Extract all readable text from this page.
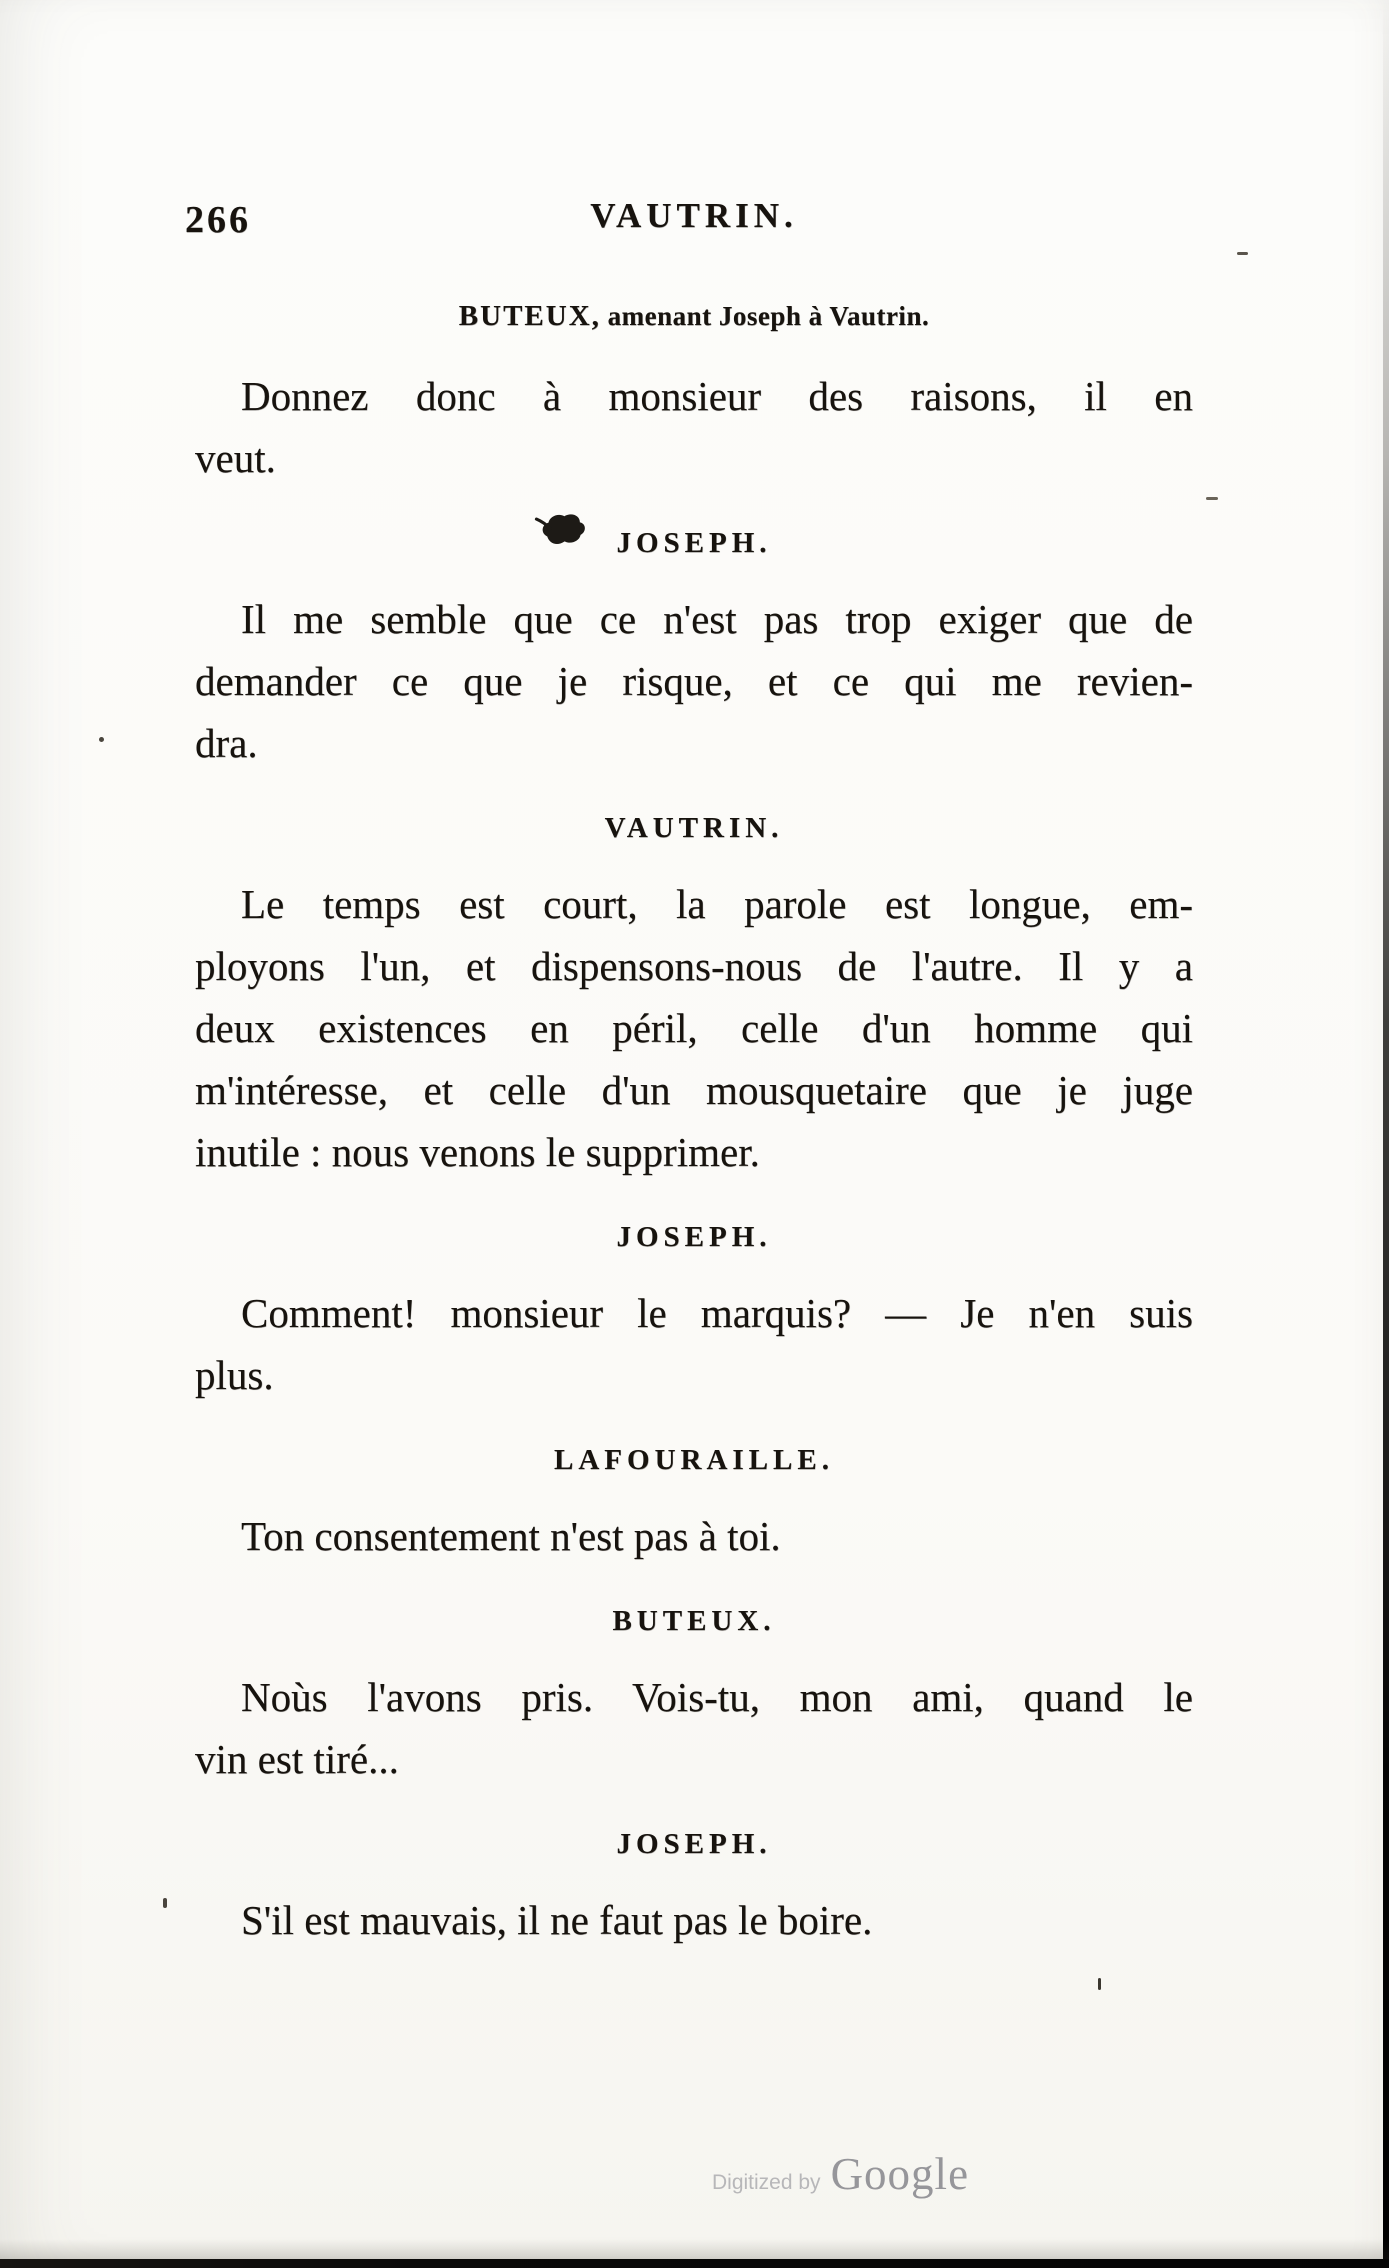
266	VAUTRIN.
BUTEUX, amenant Joseph à Vautrin.
Donnez donc à monsieur des raisons, il en
veut.
JOSEPH.
Il me semble que ce n'est pas trop exiger que de
demander ce que je risque, et ce qui me revien-
dra.
VAUTRIN.
Le temps est court, la parole est longue, em-
ployons l'un, et dispensons-nous de l'autre. Il y a
deux existences en péril, celle d'un homme qui
m'intéresse, et celle d'un mousquetaire que je juge
inutile : nous venons le supprimer.
JOSEPH.
Comment! monsieur le marquis? — Je n'en suis
plus.
LAFOURAILLE.
Ton consentement n'est pas à toi.
BUTEUX.
Noùs l'avons pris. Vois-tu, mon ami, quand le
vin est tiré...
JOSEPH.
S'il est mauvais, il ne faut pas le boire.
Digitized by Google
